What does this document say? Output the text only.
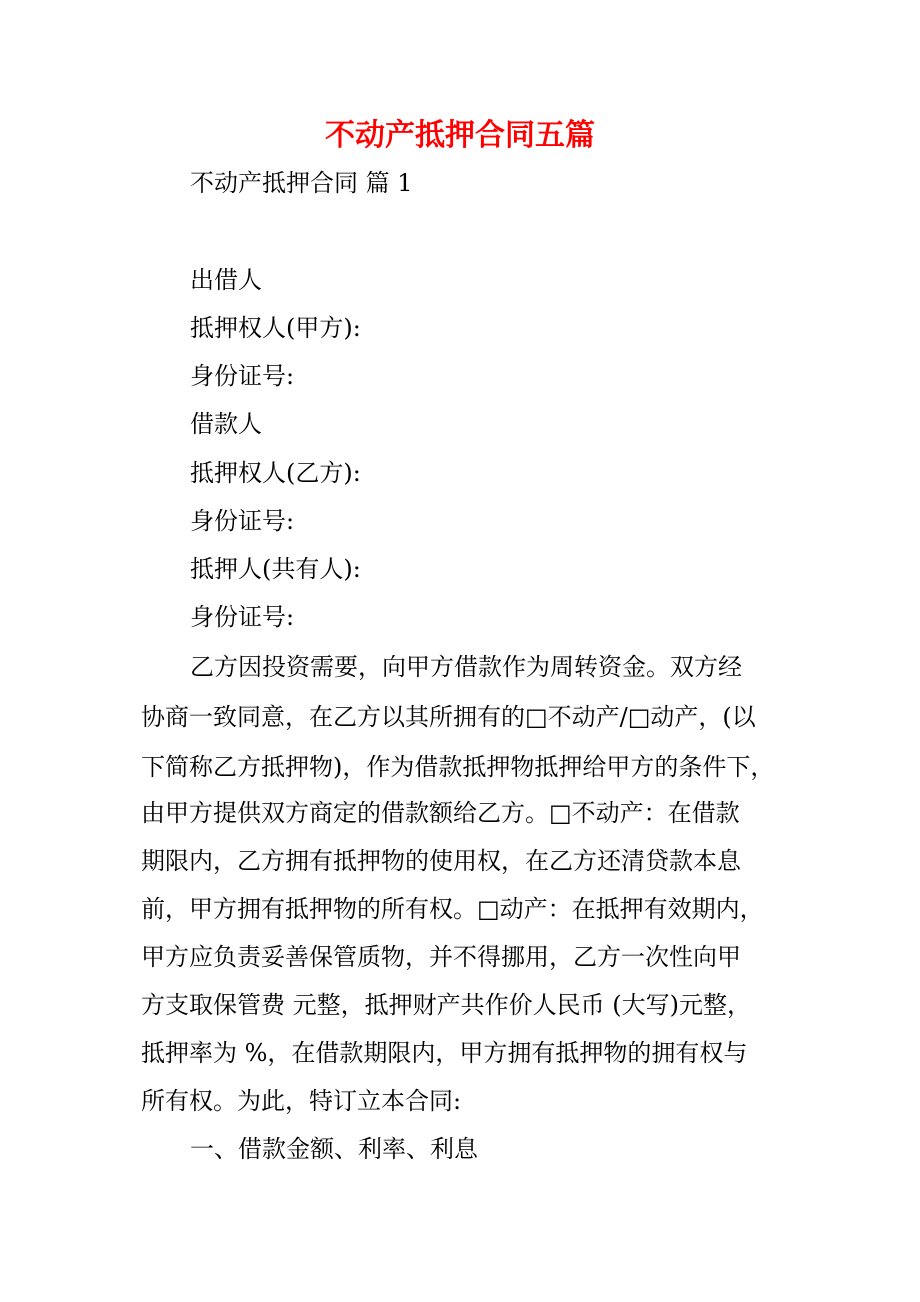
不动产抵押合同五篇

不动产抵押合同 篇 1

出借人

抵押权人(甲方):

身份证号:

借款人

抵押权人(乙方):

身份证号:

抵押人(共有人):

身份证号:

乙方因投资需要，向甲方借款作为周转资金。双方经

协商一致同意，在乙方以其所拥有的□不动产/□动产，(以

下简称乙方抵押物)，作为借款抵押物抵押给甲方的条件下，

由甲方提供双方商定的借款额给乙方。□不动产：在借款

期限内，乙方拥有抵押物的使用权，在乙方还清贷款本息

前，甲方拥有抵押物的所有权。□动产：在抵押有效期内，

甲方应负责妥善保管质物，并不得挪用，乙方一次性向甲

方支取保管费 元整，抵押财产共作价人民币 (大写)元整，

抵押率为 %，在借款期限内，甲方拥有抵押物的拥有权与

所有权。为此，特订立本合同:

一、借款金额、利率、利息
